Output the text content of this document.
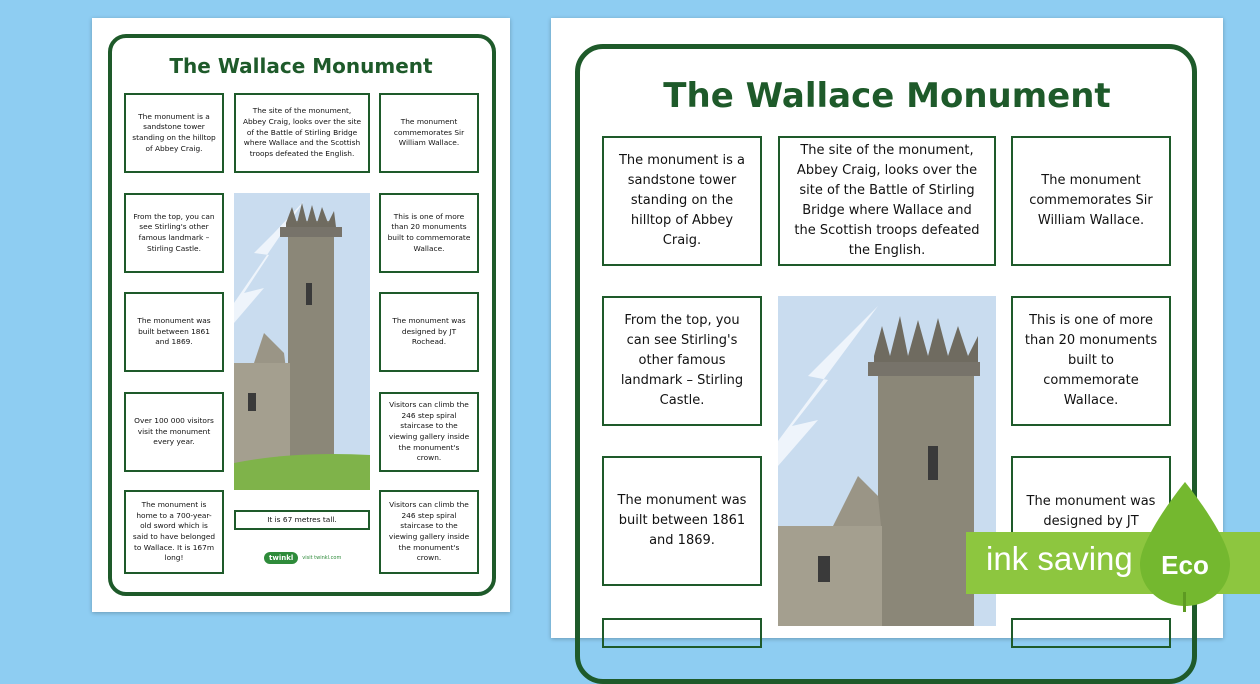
The Wallace Monument
The monument is a sandstone tower standing on the hilltop of Abbey Craig.
The site of the monument, Abbey Craig, looks over the site of the Battle of Stirling Bridge where Wallace and the Scottish troops defeated the English.
The monument commemorates Sir William Wallace.
From the top, you can see Stirling's other famous landmark – Stirling Castle.
This is one of more than 20 monuments built to commemorate Wallace.
The monument was built between 1861 and 1869.
The monument was designed by JT Rochead.
Over 100 000 visitors visit the monument every year.
Visitors can climb the 246 step spiral staircase to the viewing gallery inside the monument's crown.
The monument is home to a 700-year-old sword which is said to have belonged to Wallace. It is 167m long!
Visitors can climb the 246 step spiral staircase to the viewing gallery inside the monument's crown.
It is 67 metres tall.
twinkl	visit twinkl.com
The Wallace Monument
The monument is a sandstone tower standing on the hilltop of Abbey Craig.
The site of the monument, Abbey Craig, looks over the site of the Battle of Stirling Bridge where Wallace and the Scottish troops defeated the English.
The monument commemorates Sir William Wallace.
From the top, you can see Stirling's other famous landmark – Stirling Castle.
This is one of more than 20 monuments built to commemorate Wallace.
The monument was built between 1861 and 1869.
The monument was designed by JT
ink saving Eco
